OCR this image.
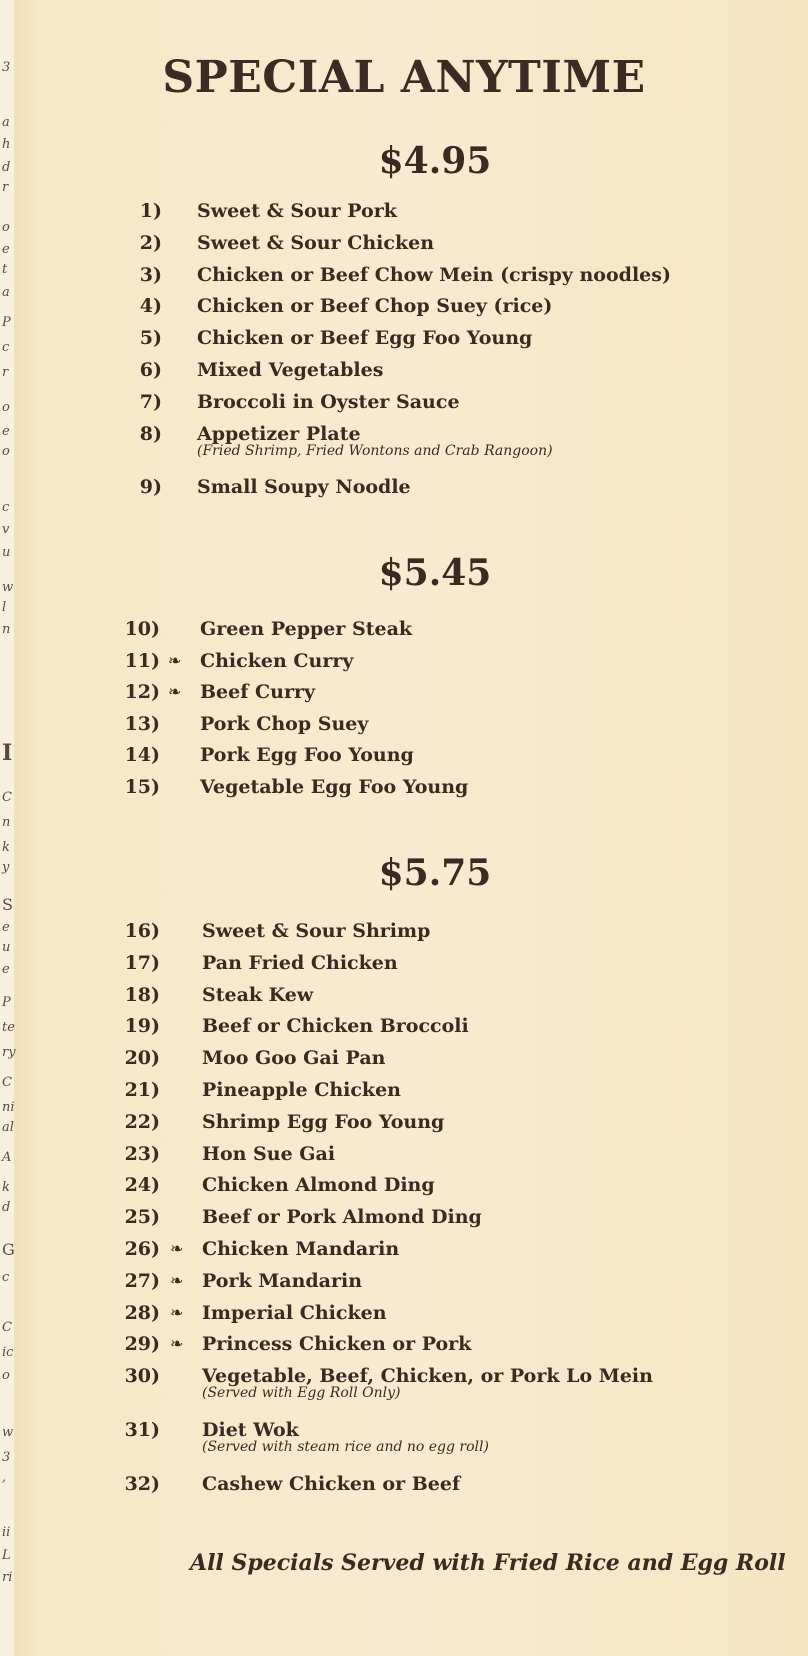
3
a
h
d
r
o
e
t
a
P
c
r
o
e
o
c
v
u
w
l
n
I
C
n
k
y
S
e
u
e
P
te
ry
C
ni
al
A
k
d
G
c
C
ic
o
w
3
,
ii
L
ri
SPECIAL ANYTIME

$4.95

1) Sweet & Sour Pork
2) Sweet & Sour Chicken
3) Chicken or Beef Chow Mein (crispy noodles)
4) Chicken or Beef Chop Suey (rice)
5) Chicken or Beef Egg Foo Young
6) Mixed Vegetables
7) Broccoli in Oyster Sauce
8) Appetizer Plate
(Fried Shrimp, Fried Wontons and Crab Rangoon)
9) Small Soupy Noodle

$5.45

10) Green Pepper Steak
11) ❧ Chicken Curry
12) ❧ Beef Curry
13) Pork Chop Suey
14) Pork Egg Foo Young
15) Vegetable Egg Foo Young

$5.75

16) Sweet & Sour Shrimp
17) Pan Fried Chicken
18) Steak Kew
19) Beef or Chicken Broccoli
20) Moo Goo Gai Pan
21) Pineapple Chicken
22) Shrimp Egg Foo Young
23) Hon Sue Gai
24) Chicken Almond Ding
25) Beef or Pork Almond Ding
26) ❧ Chicken Mandarin
27) ❧ Pork Mandarin
28) ❧ Imperial Chicken
29) ❧ Princess Chicken or Pork
30) Vegetable, Beef, Chicken, or Pork Lo Mein
(Served with Egg Roll Only)
31) Diet Wok
(Served with steam rice and no egg roll)
32) Cashew Chicken or Beef

All Specials Served with Fried Rice and Egg Roll
